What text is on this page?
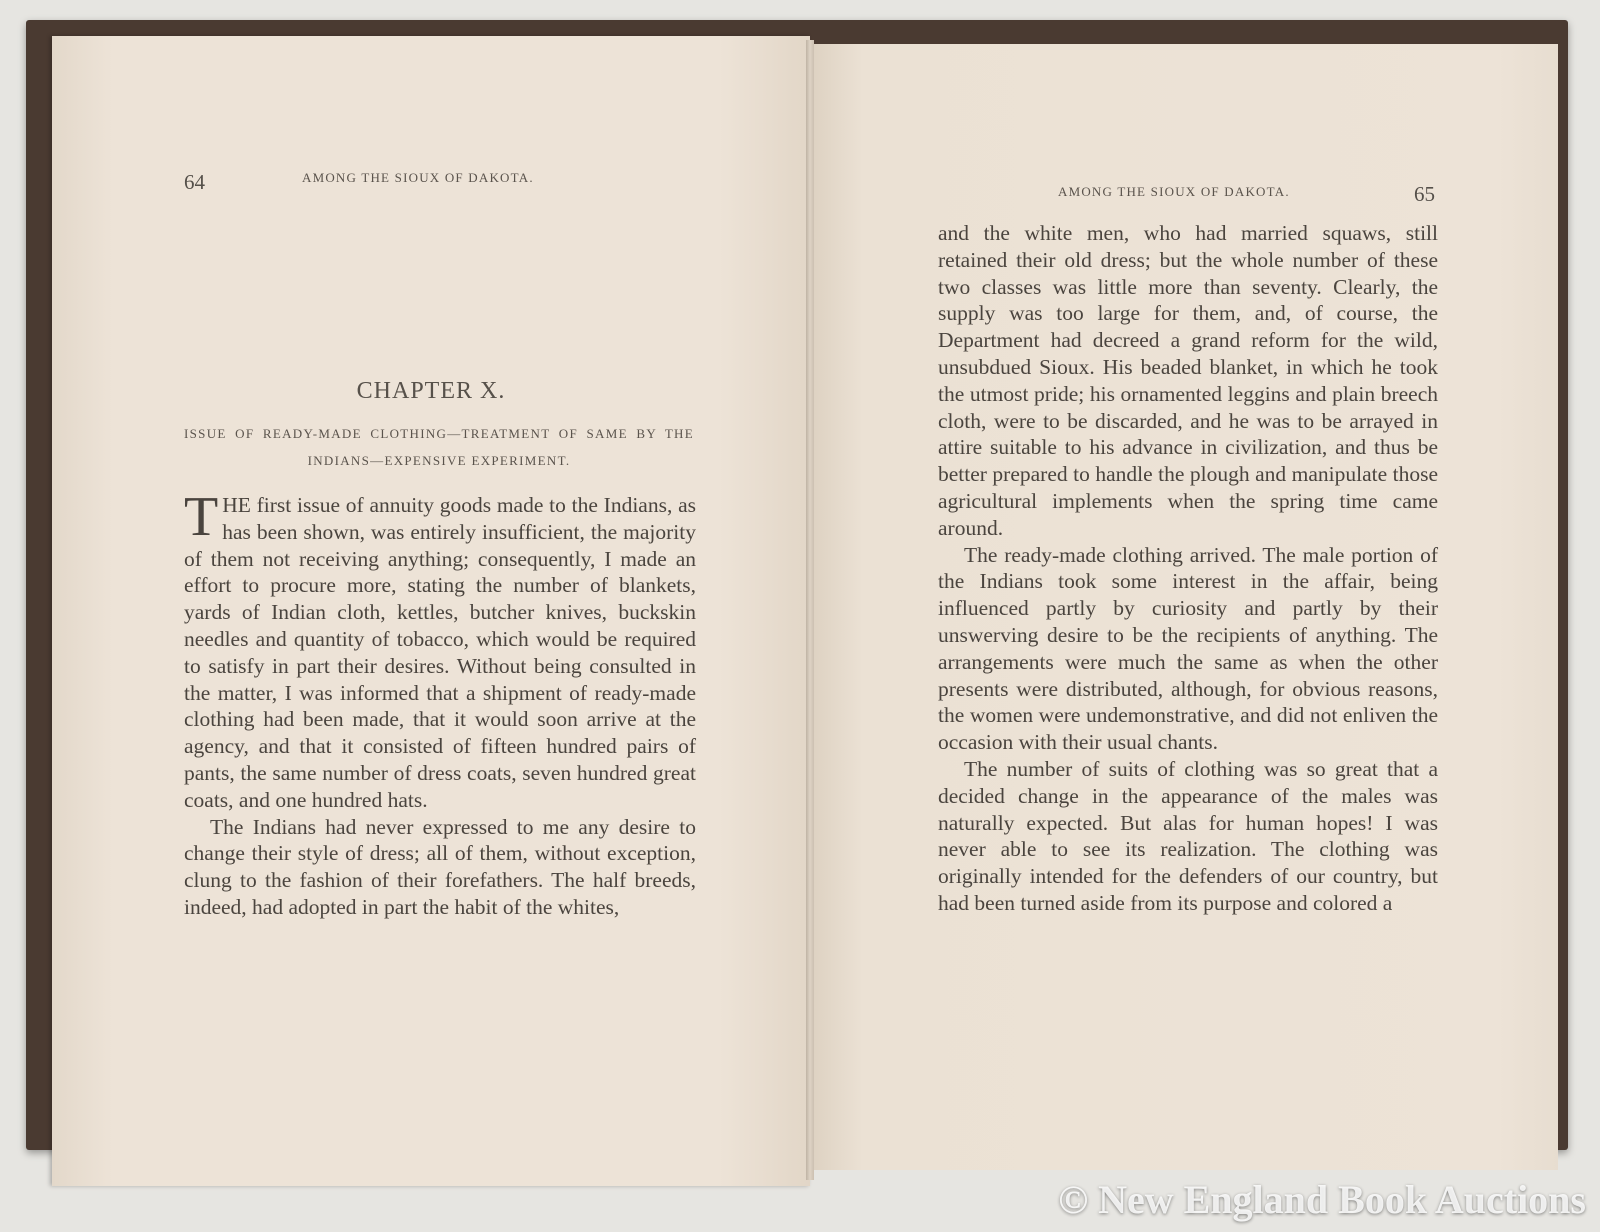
64	AMONG THE SIOUX OF DAKOTA.
CHAPTER X.
ISSUE OF READY-MADE CLOTHING—TREATMENT OF SAME BY THE INDIANS—EXPENSIVE EXPERIMENT.

THE first issue of annuity goods made to the Indians, as has been shown, was entirely insufficient, the majority of them not receiving anything; consequently, I made an effort to procure more, stating the number of blankets, yards of Indian cloth, kettles, butcher knives, buckskin needles and quantity of tobacco, which would be required to satisfy in part their desires. Without being consulted in the matter, I was informed that a shipment of ready-made clothing had been made, that it would soon arrive at the agency, and that it consisted of fifteen hundred pairs of pants, the same number of dress coats, seven hundred great coats, and one hundred hats.

The Indians had never expressed to me any desire to change their style of dress; all of them, without exception, clung to the fashion of their forefathers. The half breeds, indeed, had adopted in part the habit of the whites,

AMONG THE SIOUX OF DAKOTA.	65

and the white men, who had married squaws, still retained their old dress; but the whole number of these two classes was little more than seventy. Clearly, the supply was too large for them, and, of course, the Department had decreed a grand reform for the wild, unsubdued Sioux. His beaded blanket, in which he took the utmost pride; his ornamented leggins and plain breech cloth, were to be discarded, and he was to be arrayed in attire suitable to his advance in civilization, and thus be better prepared to handle the plough and manipulate those agricultural implements when the spring time came around.

The ready-made clothing arrived. The male portion of the Indians took some interest in the affair, being influenced partly by curiosity and partly by their unswerving desire to be the recipients of anything. The arrangements were much the same as when the other presents were distributed, although, for obvious reasons, the women were undemonstrative, and did not enliven the occasion with their usual chants.

The number of suits of clothing was so great that a decided change in the appearance of the males was naturally expected. But alas for human hopes! I was never able to see its realization. The clothing was originally intended for the defenders of our country, but had been turned aside from its purpose and colored a

© New England Book Auctions
